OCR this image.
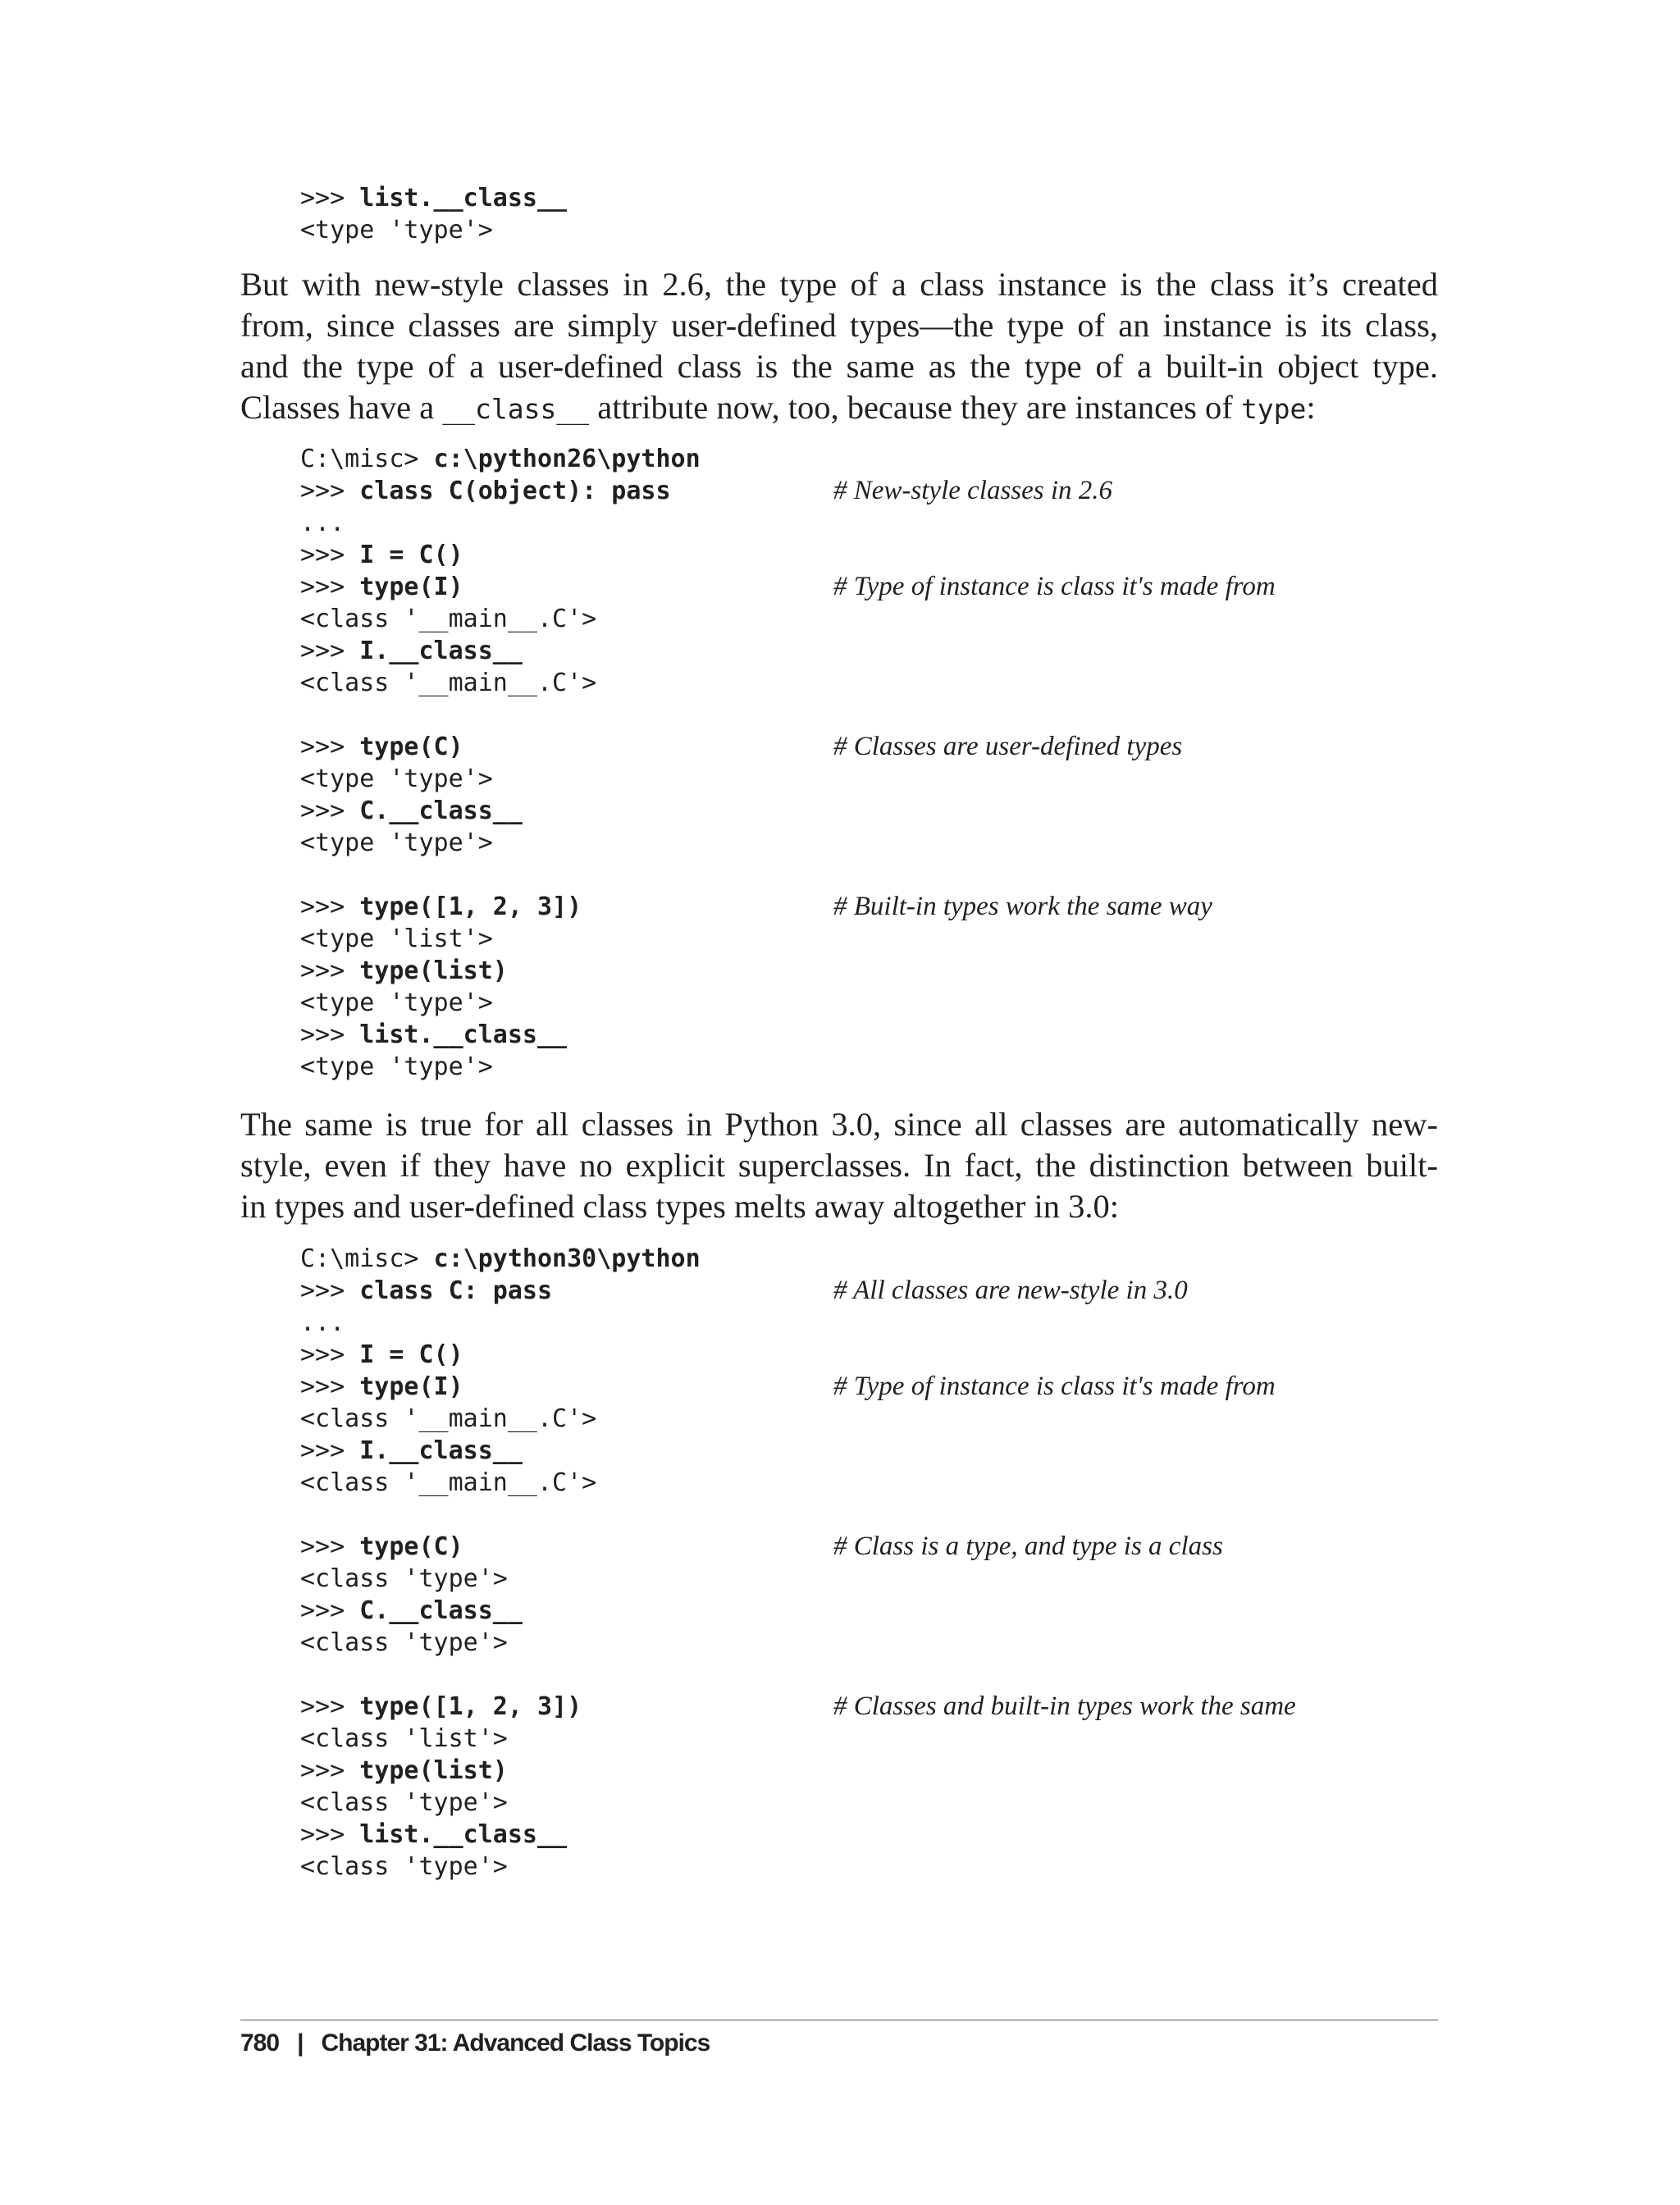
>>> list.__class__
<type 'type'>

But with new-style classes in 2.6, the type of a class instance is the class it’s created
from, since classes are simply user-defined types—the type of an instance is its class,
and the type of a user-defined class is the same as the type of a built-in object type.
Classes have a __class__ attribute now, too, because they are instances of type:

C:\misc> c:\python26\python
>>> class C(object): pass	# New-style classes in 2.6
...
>>> I = C()
>>> type(I)	# Type of instance is class it's made from
<class '__main__.C'>
>>> I.__class__
<class '__main__.C'>
>>> type(C)	# Classes are user-defined types
<type 'type'>
>>> C.__class__
<type 'type'>
>>> type([1, 2, 3])	# Built-in types work the same way
<type 'list'>
>>> type(list)
<type 'type'>
>>> list.__class__
<type 'type'>

The same is true for all classes in Python 3.0, since all classes are automatically new-
style, even if they have no explicit superclasses. In fact, the distinction between built-
in types and user-defined class types melts away altogether in 3.0:

C:\misc> c:\python30\python
>>> class C: pass	# All classes are new-style in 3.0
...
>>> I = C()
>>> type(I)	# Type of instance is class it's made from
<class '__main__.C'>
>>> I.__class__
<class '__main__.C'>
>>> type(C)	# Class is a type, and type is a class
<class 'type'>
>>> C.__class__
<class 'type'>
>>> type([1, 2, 3])	# Classes and built-in types work the same
<class 'list'>
>>> type(list)
<class 'type'>
>>> list.__class__
<class 'type'>
780 | Chapter 31: Advanced Class Topics
